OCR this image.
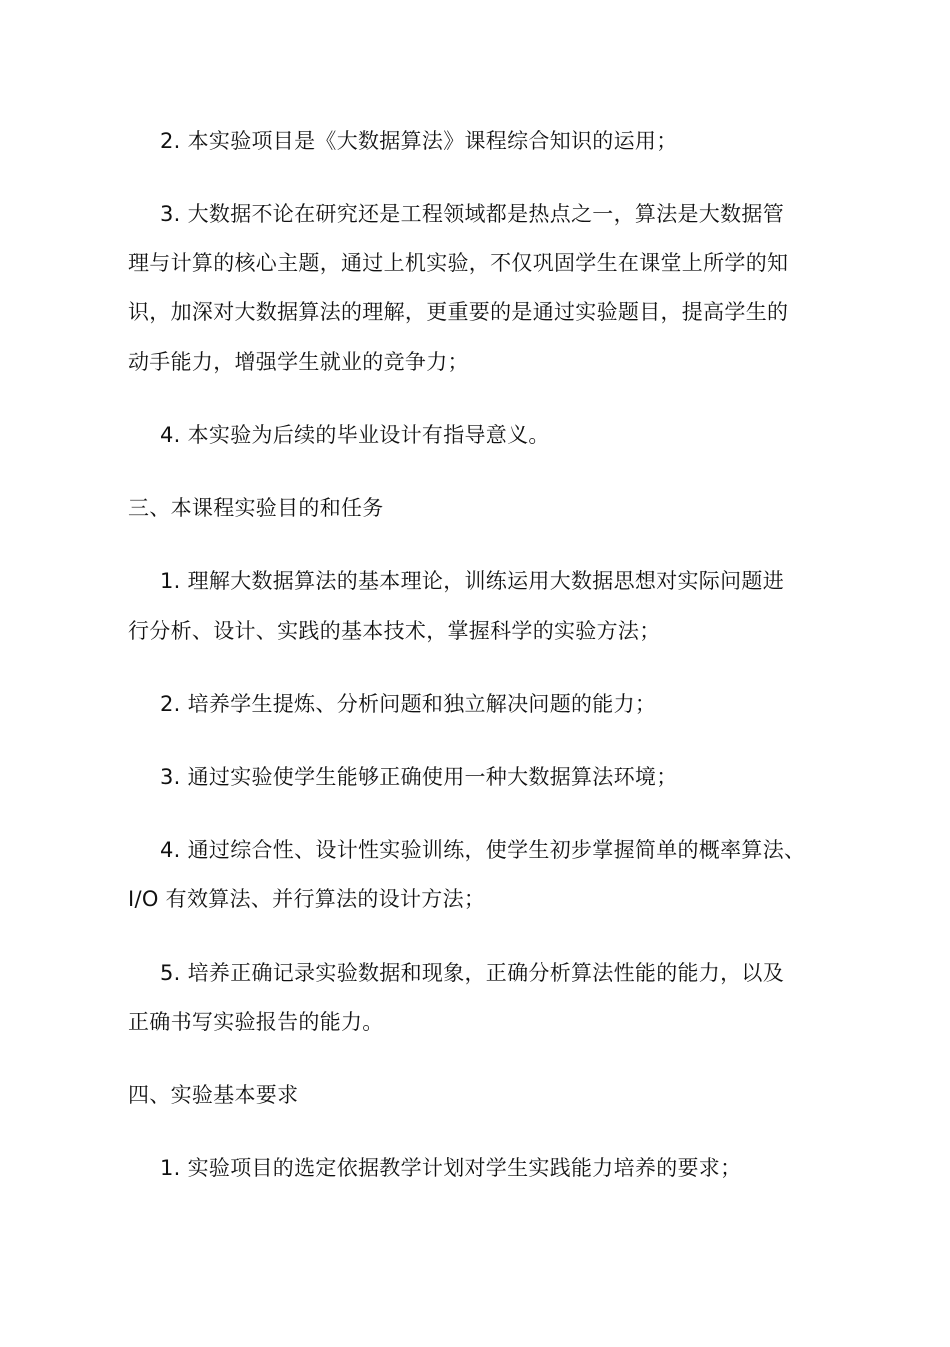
2. 本实验项目是《大数据算法》课程综合知识的运用；
3. 大数据不论在研究还是工程领域都是热点之一，算法是大数据管
理与计算的核心主题，通过上机实验，不仅巩固学生在课堂上所学的知
识，加深对大数据算法的理解，更重要的是通过实验题目，提高学生的
动手能力，增强学生就业的竞争力；
4. 本实验为后续的毕业设计有指导意义。
三、本课程实验目的和任务
1. 理解大数据算法的基本理论，训练运用大数据思想对实际问题进
行分析、设计、实践的基本技术，掌握科学的实验方法；
2. 培养学生提炼、分析问题和独立解决问题的能力；
3. 通过实验使学生能够正确使用一种大数据算法环境；
4. 通过综合性、设计性实验训练，使学生初步掌握简单的概率算法、
I/O 有效算法、并行算法的设计方法；
5. 培养正确记录实验数据和现象，正确分析算法性能的能力，以及
正确书写实验报告的能力。
四、实验基本要求
1. 实验项目的选定依据教学计划对学生实践能力培养的要求；
